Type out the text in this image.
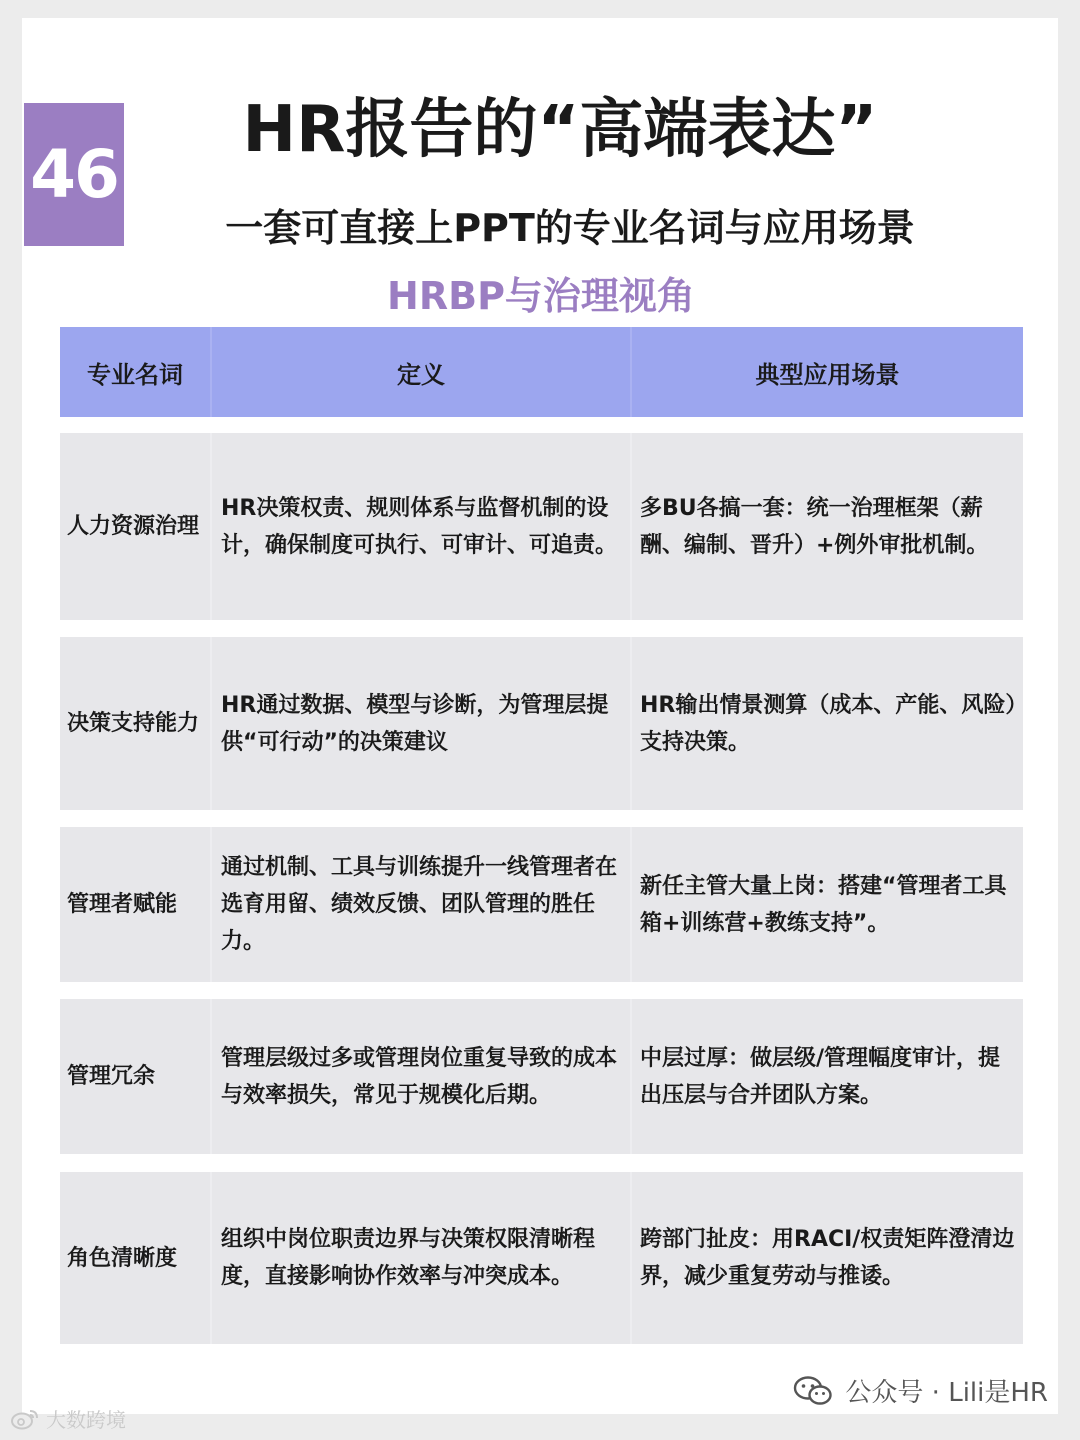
46
HR报告的“高端表达”
一套可直接上PPT的专业名词与应用场景
HRBP与治理视角
专业名词	定义	典型应用场景
人力资源治理
HR决策权责、规则体系与监督机制的设计，确保制度可执行、可审计、可追责。
多BU各搞一套：统一治理框架（薪酬、编制、晋升）+例外审批机制。
决策支持能力
HR通过数据、模型与诊断，为管理层提供“可行动”的决策建议
HR输出情景测算（成本、产能、风险）支持决策。
管理者赋能
通过机制、工具与训练提升一线管理者在选育用留、绩效反馈、团队管理的胜任力。
新任主管大量上岗：搭建“管理者工具箱+训练营+教练支持”。
管理冗余
管理层级过多或管理岗位重复导致的成本与效率损失，常见于规模化后期。
中层过厚：做层级/管理幅度审计，提出压层与合并团队方案。
角色清晰度
组织中岗位职责边界与决策权限清晰程度，直接影响协作效率与冲突成本。
跨部门扯皮：用RACI/权责矩阵澄清边界，减少重复劳动与推诿。
公众号 · Lili是HR
大数跨境
